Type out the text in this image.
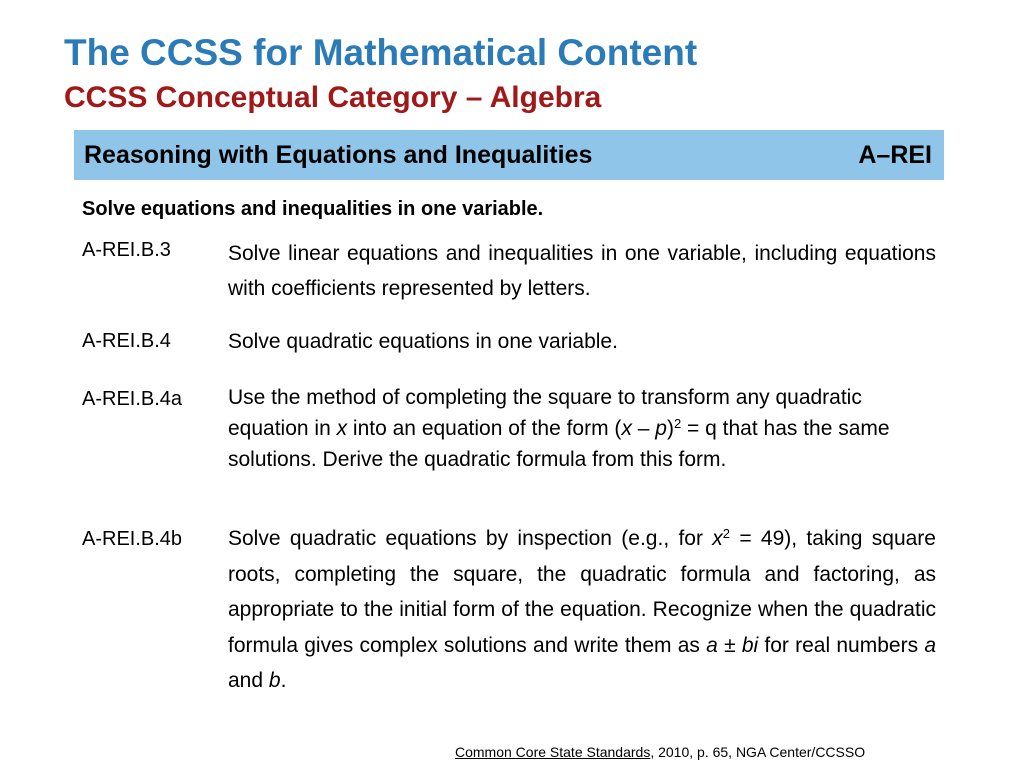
The CCSS for Mathematical Content
CCSS Conceptual Category – Algebra
Reasoning with Equations and Inequalities	A–REI
Solve equations and inequalities in one variable.
A-REI.B.3	Solve linear equations and inequalities in one variable, including equations with coefficients represented by letters.
A-REI.B.4	Solve quadratic equations in one variable.
A-REI.B.4a Use the method of completing the square to transform any quadratic equation in x into an equation of the form (x – p)$^2$ = q that has the same solutions. Derive the quadratic formula from this form.
A-REI.B.4b Solve quadratic equations by inspection (e.g., for $x^2 = 49$), taking square roots, completing the square, the quadratic formula and factoring, as appropriate to the initial form of the equation. Recognize when the quadratic formula gives complex solutions and write them as a ± bi for real numbers a and b.
Common Core State Standards, 2010, p. 65, NGA Center/CCSSO
